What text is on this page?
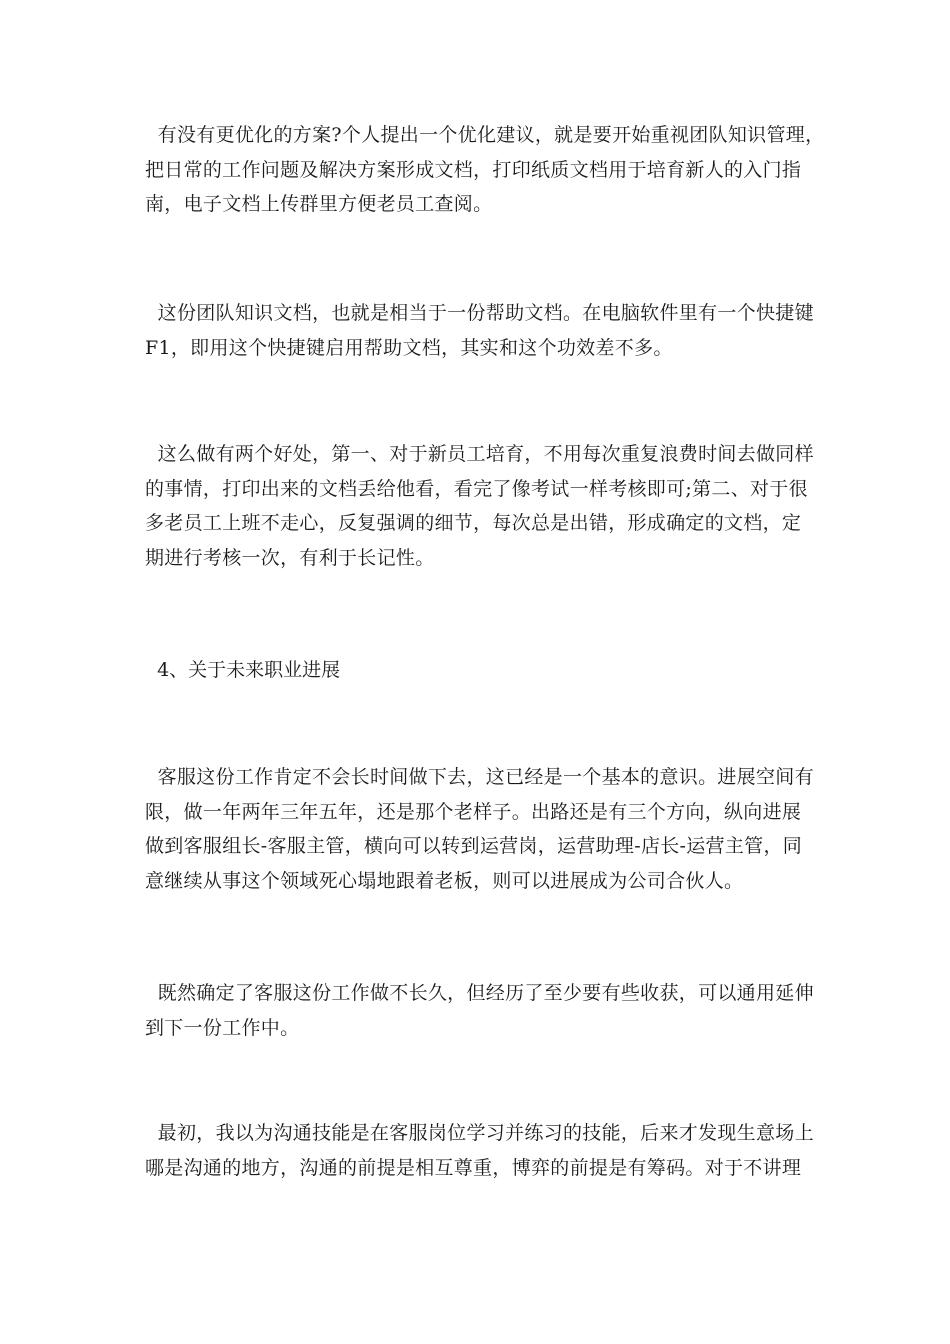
有没有更优化的方案?个人提出一个优化建议，就是要开始重视团队知识管理，
把日常的工作问题及解决方案形成文档，打印纸质文档用于培育新人的入门指
南，电子文档上传群里方便老员工查阅。

这份团队知识文档，也就是相当于一份帮助文档。在电脑软件里有一个快捷键
F1，即用这个快捷键启用帮助文档，其实和这个功效差不多。

这么做有两个好处，第一、对于新员工培育，不用每次重复浪费时间去做同样
的事情，打印出来的文档丢给他看，看完了像考试一样考核即可;第二、对于很
多老员工上班不走心，反复强调的细节，每次总是出错，形成确定的文档，定
期进行考核一次，有利于长记性。

4、关于未来职业进展

客服这份工作肯定不会长时间做下去，这已经是一个基本的意识。进展空间有
限，做一年两年三年五年，还是那个老样子。出路还是有三个方向，纵向进展
做到客服组长-客服主管，横向可以转到运营岗，运营助理-店长-运营主管，同
意继续从事这个领域死心塌地跟着老板，则可以进展成为公司合伙人。

既然确定了客服这份工作做不长久，但经历了至少要有些收获，可以通用延伸
到下一份工作中。

最初，我以为沟通技能是在客服岗位学习并练习的技能，后来才发现生意场上
哪是沟通的地方，沟通的前提是相互尊重，博弈的前提是有筹码。对于不讲理
